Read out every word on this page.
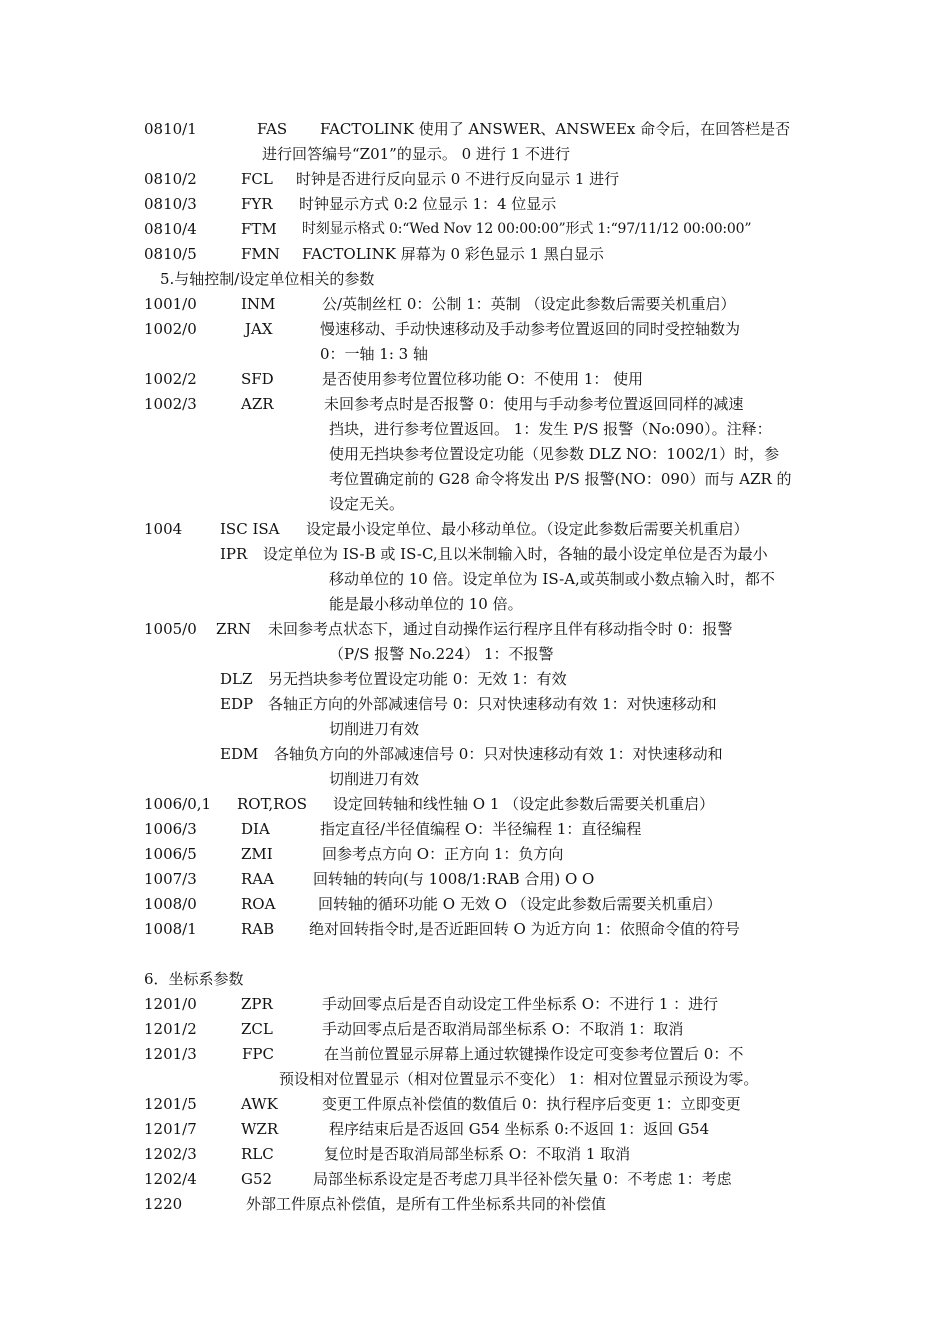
0810/1	FAS FACTOLINK 使用了 ANSWER、ANSWEEx 命令后，在回答栏是否
进行回答编号“Z01”的显示。 0 进行 1 不进行
0810/2	FCL 时钟是否进行反向显示 0 不进行反向显示 1 进行
0810/3	FYR 时钟显示方式 0:2 位显示 1：4 位显示
0810/4	FTM 时刻显示格式 0:“Wed Nov 12 00:00:00”形式 1:“97/11/12 00:00:00”
0810/5	FMN FACTOLINK 屏幕为 0 彩色显示 1 黑白显示
5.与轴控制/设定单位相关的参数
1001/0	INM	公/英制丝杠 0：公制 1：英制 （设定此参数后需要关机重启）
1002/0	JAX	慢速移动、手动快速移动及手动参考位置返回的同时受控轴数为
0：一轴 1: 3 轴
1002/2	SFD	是否使用参考位置位移功能 O：不使用 1： 使用
1002/3	AZR	未回参考点时是否报警 0：使用与手动参考位置返回同样的减速
挡块，进行参考位置返回。 1：发生 P/S 报警（No:090）。注释：
使用无挡块参考位置设定功能（见参数 DLZ NO：1002/1）时，参
考位置确定前的 G28 命令将发出 P/S 报警(NO：090）而与 AZR 的
设定无关。
1004	ISC ISA 设定最小设定单位、最小移动单位。（设定此参数后需要关机重启）
IPR 设定单位为 IS-B 或 IS-C,且以米制输入时，各轴的最小设定单位是否为最小
移动单位的 10 倍。设定单位为 IS-A,或英制或小数点输入时，都不
能是最小移动单位的 10 倍。
1005/0 ZRN 未回参考点状态下，通过自动操作运行程序且伴有移动指令时 0：报警
（P/S 报警 No.224） 1：不报警
DLZ 另无挡块参考位置设定功能 0：无效 1：有效
EDP 各轴正方向的外部减速信号 0：只对快速移动有效 1：对快速移动和
切削进刀有效
EDM 各轴负方向的外部减速信号 0：只对快速移动有效 1：对快速移动和
切削进刀有效
1006/0,1 ROT,ROS 设定回转轴和线性轴 O 1 （设定此参数后需要关机重启）
1006/3	DIA	指定直径/半径值编程 O：半径编程 1：直径编程
1006/5	ZMI	回参考点方向 O：正方向 1：负方向
1007/3	RAA	回转轴的转向(与 1008/1:RAB 合用) O O
1008/0	ROA	回转轴的循环功能 O 无效 O （设定此参数后需要关机重启）
1008/1	RAB 绝对回转指令时,是否近距回转 O 为近方向 1：依照命令值的符号
6．坐标系参数
1201/0	ZPR	手动回零点后是否自动设定工件坐标系 O：不进行 1 ：进行
1201/2	ZCL	手动回零点后是否取消局部坐标系 O：不取消 1：取消
1201/3	FPC	在当前位置显示屏幕上通过软键操作设定可变参考位置后 0：不
预设相对位置显示（相对位置显示不变化） 1：相对位置显示预设为零。
1201/5	AWK	变更工件原点补偿值的数值后 0：执行程序后变更 1：立即变更
1201/7	WZR	程序结束后是否返回 G54 坐标系 0:不返回 1：返回 G54
1202/3	RLC	复位时是否取消局部坐标系 O：不取消 1 取消
1202/4	G52	局部坐标系设定是否考虑刀具半径补偿矢量 0：不考虑 1：考虑
1220	外部工件原点补偿值，是所有工件坐标系共同的补偿值
